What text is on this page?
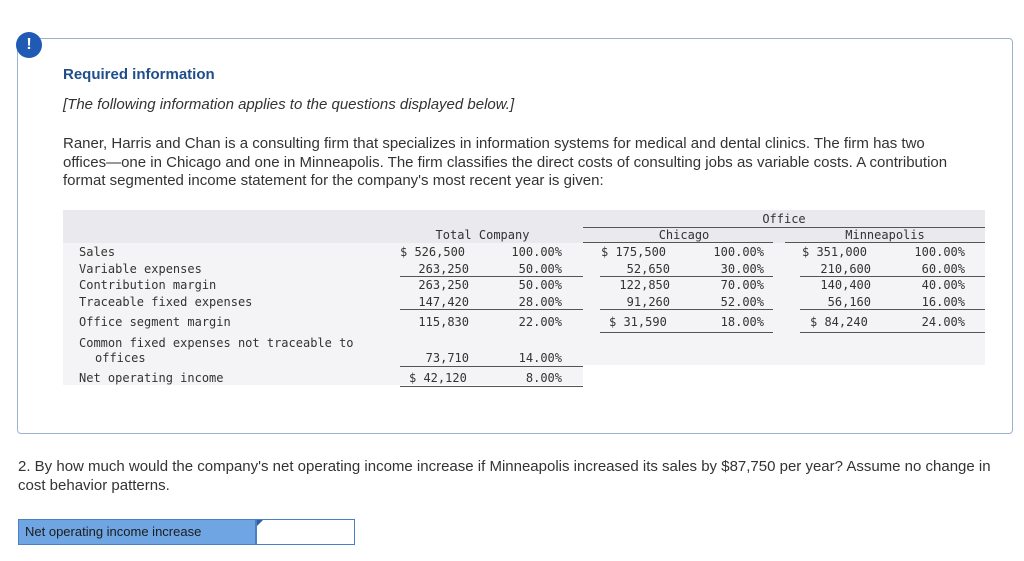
!
Required information
[The following information applies to the questions displayed below.]
Raner, Harris and Chan is a consulting firm that specializes in information systems for medical and dental clinics. The firm has two offices—one in Chicago and one in Minneapolis. The firm classifies the direct costs of consulting jobs as variable costs. A contribution format segmented income statement for the company's most recent year is given:
Office
Total Company	Chicago	Minneapolis
Sales	$ 526,500	100.00%	$ 175,500	100.00%	$ 351,000	100.00%
Variable expenses	263,250	50.00%	52,650	30.00%	210,600	60.00%
Contribution margin	263,250	50.00%	122,850	70.00%	140,400	40.00%
Traceable fixed expenses	147,420	28.00%	91,260	52.00%	56,160	16.00%
Office segment margin	115,830	22.00%	$ 31,590	18.00%	$ 84,240	24.00%
Common fixed expenses not traceable to
offices	73,710	14.00%
Net operating income	$ 42,120	8.00%
2. By how much would the company's net operating income increase if Minneapolis increased its sales by $87,750 per year? Assume no change in cost behavior patterns.
Net operating income increase
